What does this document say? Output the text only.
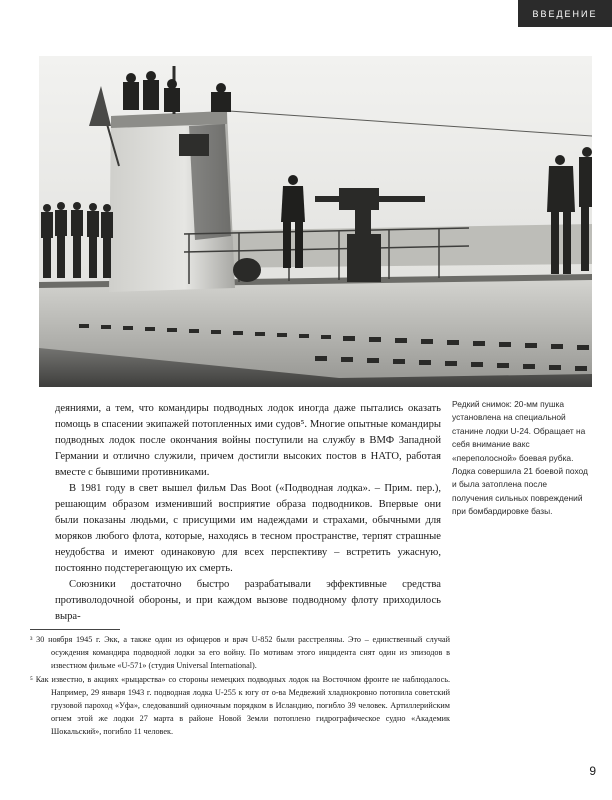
ВВЕДЕНИЕ

деяниями, а тем, что командиры подводных лодок иногда даже пытались оказать помощь в спасении экипажей потопленных ими судов⁵. Многие опытные командиры подводных лодок после окончания войны поступили на службу в ВМФ Западной Германии и отлично служили, причем достигли высоких постов в НАТО, работая вместе с бывшими противниками.

В 1981 году в свет вышел фильм Das Boot («Подводная лодка». – Прим. пер.), решающим образом изменивший восприятие образа подводников. Впервые они были показаны людьми, с присущими им надеждами и страхами, обычными для моряков любого флота, которые, находясь в тесном пространстве, терпят страшные неудобства и имеют одинаковую для всех перспективу – встретить ужасную, постоянно подстерегающую их смерть.

Союзники достаточно быстро разрабатывали эффективные средства противолодочной обороны, и при каждом вызове подводному флоту приходилось выра-

Редкий снимок: 20-мм пушка установлена на специальной станине лодки U-24. Обращает на себя внимание вакс «переполосной» боевая рубка. Лодка совершила 21 боевой поход и была затоплена после получения сильных повреждений при бомбардировке базы.

³ 30 ноября 1945 г. Экк, а также один из офицеров и врач U-852 были расстреляны. Это – единственный случай осуждения командира подводной лодки за его войну. По мотивам этого инцидента снят один из эпизодов в известном фильме «U-571» (студия Universal International).

⁵ Как известно, в акциях «рыцарства» со стороны немецких подводных лодок на Восточном фронте не наблюдалось. Например, 29 января 1943 г. подводная лодка U-255 к югу от о-ва Медвежий хладнокровно потопила советский грузовой пароход «Уфа», следовавший одиночным порядком в Исландию, погибло 39 человек. Артиллерийским огнем этой же лодки 27 марта в районе Новой Земли потоплено гидрографическое судно «Академик Шокальский», погибло 11 человек.

9
